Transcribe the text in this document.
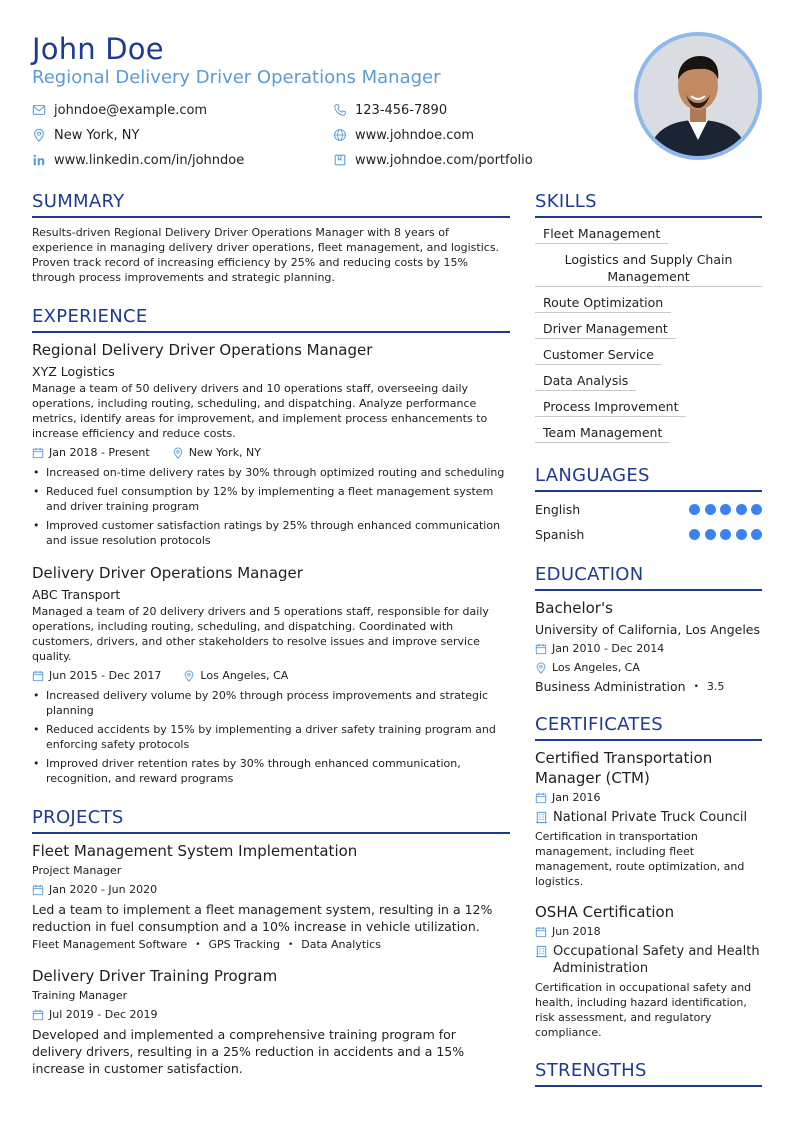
John Doe
Regional Delivery Driver Operations Manager
johndoe@example.com	123-456-7890
New York, NY	www.johndoe.com
www.linkedin.com/in/johndoe	www.johndoe.com/portfolio
SUMMARY
Results-driven Regional Delivery Driver Operations Manager with 8 years of experience in managing delivery driver operations, fleet management, and logistics. Proven track record of increasing efficiency by 25% and reducing costs by 15% through process improvements and strategic planning.
EXPERIENCE
Regional Delivery Driver Operations Manager
XYZ Logistics
Manage a team of 50 delivery drivers and 10 operations staff, overseeing daily operations, including routing, scheduling, and dispatching. Analyze performance metrics, identify areas for improvement, and implement process enhancements to increase efficiency and reduce costs.
Jan 2018 - Present	New York, NY
• Increased on-time delivery rates by 30% through optimized routing and scheduling
• Reduced fuel consumption by 12% by implementing a fleet management system and driver training program
• Improved customer satisfaction ratings by 25% through enhanced communication and issue resolution protocols
Delivery Driver Operations Manager
ABC Transport
Managed a team of 20 delivery drivers and 5 operations staff, responsible for daily operations, including routing, scheduling, and dispatching. Coordinated with customers, drivers, and other stakeholders to resolve issues and improve service quality.
Jun 2015 - Dec 2017	Los Angeles, CA
• Increased delivery volume by 20% through process improvements and strategic planning
• Reduced accidents by 15% by implementing a driver safety training program and enforcing safety protocols
• Improved driver retention rates by 30% through enhanced communication, recognition, and reward programs
PROJECTS
Fleet Management System Implementation
Project Manager
Jan 2020 - Jun 2020
Led a team to implement a fleet management system, resulting in a 12% reduction in fuel consumption and a 10% increase in vehicle utilization.
Fleet Management Software • GPS Tracking • Data Analytics
Delivery Driver Training Program
Training Manager
Jul 2019 - Dec 2019
Developed and implemented a comprehensive training program for delivery drivers, resulting in a 25% reduction in accidents and a 15% increase in customer satisfaction.
SKILLS
Fleet Management
Logistics and Supply Chain Management
Route Optimization
Driver Management
Customer Service
Data Analysis
Process Improvement
Team Management
LANGUAGES
English
Spanish
EDUCATION
Bachelor's
University of California, Los Angeles
Jan 2010 - Dec 2014
Los Angeles, CA
Business Administration • 3.5
CERTIFICATES
Certified Transportation Manager (CTM)
Jan 2016
National Private Truck Council
Certification in transportation management, including fleet management, route optimization, and logistics.
OSHA Certification
Jun 2018
Occupational Safety and Health Administration
Certification in occupational safety and health, including hazard identification, risk assessment, and regulatory compliance.
STRENGTHS
